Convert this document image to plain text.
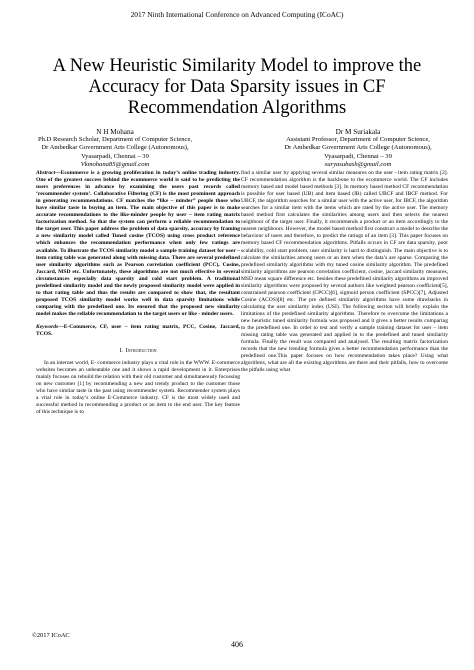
2017 Ninth International Conference on Advanced Computing (ICoAC)
A New Heuristic Similarity Model to improve the
Accuracy for Data Sparsity issues in CF
Recommendation Algorithms
N H Mohana
Ph.D Research Scholar, Department of Computer Science,
Dr Ambedkar Government Arts College (Autonomous),
Vyasarpadi, Chennai – 39
Vkmohana85@gmail.com
Dr M Suriakala
Assistant Professor, Department of Computer Science,
Dr Ambedkar Government Arts College (Autonomous),
Vyasarpadi, Chennai – 39
suryasubash@gmail.com

Abstract—Ecommerce is a growing proliferation in today’s online trading industry. One of the greatest success behind the ecommerce world is said to be predicting the users preferences in advance by examining the users past records called ‘recommender system’. Collaborative Filtering (CF) is the most prominent approach in generating recommendations. CF matches the “like – minder” people those who have similar taste in buying an item. The main objective of this paper is to make accurate recommendations to the like-minder people by user – item rating matrix factorization method. So that the system can perform a reliable recommendation to the target user. This paper address the problem of data sparsity, accuracy by framing a new similarity model called Tuned cosine (TCOS) using cross product reference which enhances the recommendation performance when only few ratings are available. To illustrate the TCOS similarity model a sample training dataset for user – item rating table was generated along with missing data. There are several predefined user similarity algorithms such as Pearson correlation coefficient (PCC), Cosine, Jaccard, MSD etc. Unfortunately, these algorithms are not much effective in several circumstances especially data sparsity and cold start problem. A traditional predefined similarity model and the newly proposed similarity model were applied in to that rating table and thus the results are compared to show that, the resultant proposed TCOS similarity model works well in data sparsity limitations while comparing with the predefined one. Its ensured that the proposed new similarity model makes the reliable recommendation to the target users or like - minder users.

Keywords—E-Commerce, CF, user – item rating matrix, PCC, Cosine, Jaccard, TCOS.

I. Introduction

In an internet world, E- commerce industry plays a vital role in the WWW. E-commerce websites becomes an unbeatable one and it shows a rapid development in it. Enterprises mainly focuses on rebuild the relation with their old customer and simultaneously focussing on new customer [1] by recommending a new and trendy product to the customer those who have similar taste in the past using recommender system. Recommender system plays a vital role in today’s online E-Commerce industry. CF is the most widely used and successful method in recommending a product or an item to the end user. The key feature of this technique is to

find a similar user by applying several similar measures on the user - item rating matrix [2]. CF recommendation algorithm is the backbone to the ecommerce world. The CF includes memory based and model based methods [3]. In memory based method CF recommendation is possible for user based (UB) and item based (IB) called UBCF and IBCF method. For UBCF, the algorithm searches for a similar user with the active user, for IBCF, the algorithm searches for a similar item with the items which are rated by the active user. The memory based method first calculates the similarities among users and then selects the nearest neighbour of the target user. Finally, it recommends a product or an item accordingly to the nearest neighbours. However, the model based method first construct a model to describe the behaviour of users and therefore, to predict the ratings of an item [3]. This paper focuses on memory based CF recommendation algorithms. Pitfalls occurs in CF are data sparsity, poor scalability, cold start problem, user similarity is hard to distinguish. The main objective is to calculate the similarities among users or an item when the data’s are sparse. Comparing the predefined similarity algorithms with my tuned cosine similarity algorithm. The predefined similarity algorithms are pearson correlation coefficient, cosine, jaccard similarity measures, MSD mean square difference etc. besides these predefined similarity algorithms an improved similarity algorithms were proposed by several authors like weighted pearson coefficient[5], constrained pearson coefficient (CPCC)[6], sigmoid person coefficient (SPCC)[7], Adjusted Cosine (ACOS)[8] etc. The pre defined similarity algorithms have some drawbacks in calculating the user similarity index (USI). The following section will briefly explain the limitations of the predefined similarity algorithms. Therefore to overcome the limitations a new heuristic tuned similarity formula was proposed and it gives a better results comparing to the predefined one. In order to test and verify a sample training dataset for user – item missing rating table was generated and applied in to the predefined and tuned similarity formula. Finally the result was compared and analysed. The resulting matrix factorization records that the new trending formula gives a better recommendation performance than the predefined one.This paper focuses on how recommendation takes place? Using what algorithms, what are all the existing algorithms are there and their pitfalls, how to overcome the pitfalls using what

©2017 ICoAC
406
